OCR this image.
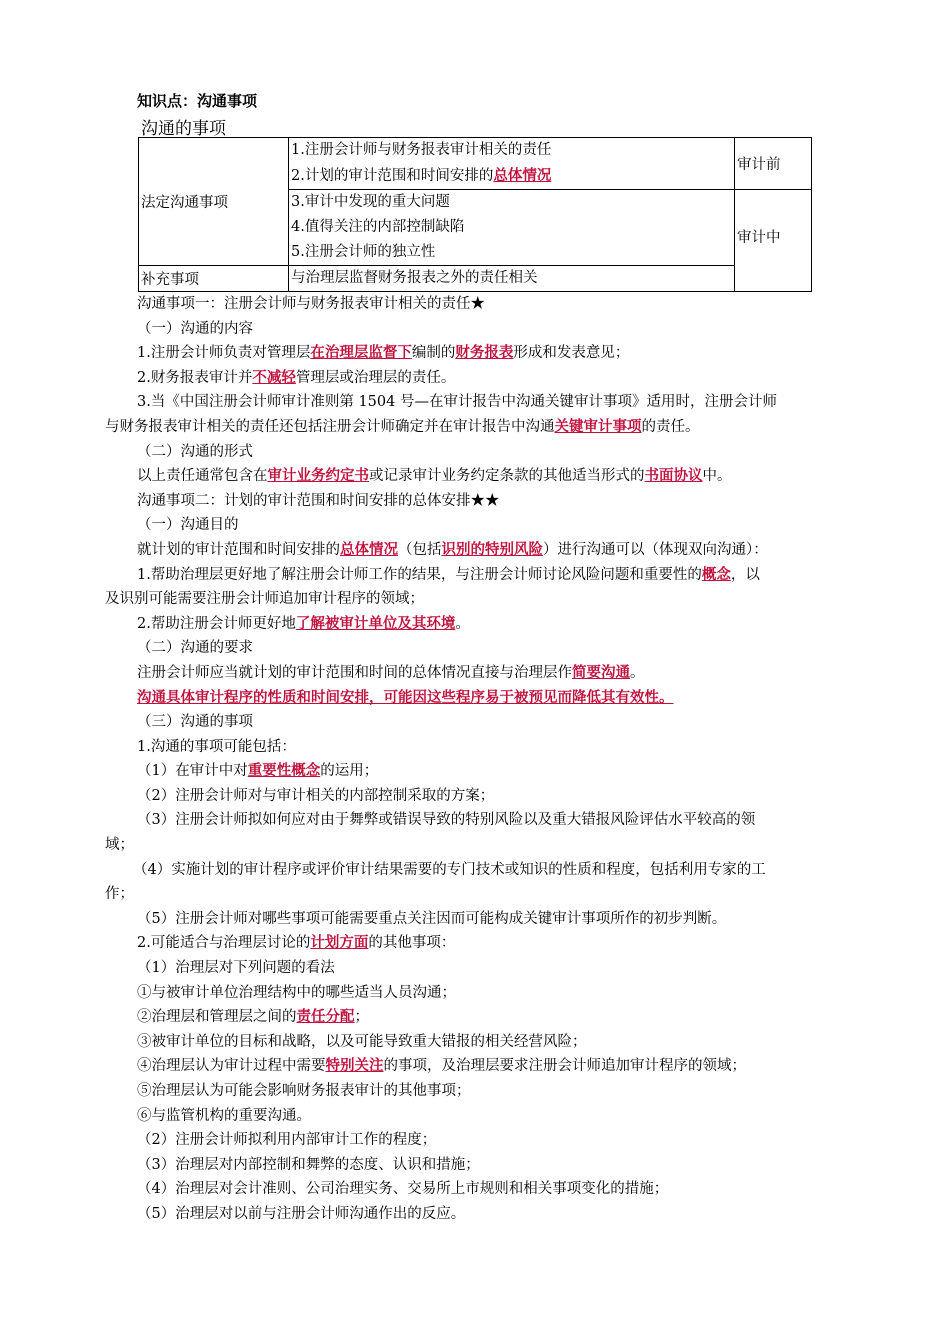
知识点：沟通事项
沟通的事项
法定沟通事项	1.注册会计师与财务报表审计相关的责任
2.计划的审计范围和时间安排的总体情况	审计前

	3.审计中发现的重大问题
4.值得关注的内部控制缺陷
5.注册会计师的独立性	审计中
补充事项	与治理层监督财务报表之外的责任相关	

沟通事项一：注册会计师与财务报表审计相关的责任★

（一）沟通的内容

1.注册会计师负责对管理层在治理层监督下编制的财务报表形成和发表意见；

2.财务报表审计并不减轻管理层或治理层的责任。

3.当《中国注册会计师审计准则第 1504 号—在审计报告中沟通关键审计事项》适用时，注册会计师

与财务报表审计相关的责任还包括注册会计师确定并在审计报告中沟通关键审计事项的责任。

（二）沟通的形式

以上责任通常包含在审计业务约定书或记录审计业务约定条款的其他适当形式的书面协议中。

沟通事项二：计划的审计范围和时间安排的总体安排★★

（一）沟通目的

就计划的审计范围和时间安排的总体情况（包括识别的特别风险）进行沟通可以（体现双向沟通）：

1.帮助治理层更好地了解注册会计师工作的结果，与注册会计师讨论风险问题和重要性的概念，以

及识别可能需要注册会计师追加审计程序的领域；

2.帮助注册会计师更好地了解被审计单位及其环境。

（二）沟通的要求

注册会计师应当就计划的审计范围和时间的总体情况直接与治理层作简要沟通。

沟通具体审计程序的性质和时间安排，可能因这些程序易于被预见而降低其有效性。

（三）沟通的事项

1.沟通的事项可能包括：

（1）在审计中对重要性概念的运用；

（2）注册会计师对与审计相关的内部控制采取的方案；

（3）注册会计师拟如何应对由于舞弊或错误导致的特别风险以及重大错报风险评估水平较高的领

域；

（4）实施计划的审计程序或评价审计结果需要的专门技术或知识的性质和程度，包括利用专家的工

作；

（5）注册会计师对哪些事项可能需要重点关注因而可能构成关键审计事项所作的初步判断。

2.可能适合与治理层讨论的计划方面的其他事项：

（1）治理层对下列问题的看法

①与被审计单位治理结构中的哪些适当人员沟通；

②治理层和管理层之间的责任分配；

③被审计单位的目标和战略，以及可能导致重大错报的相关经营风险；

④治理层认为审计过程中需要特别关注的事项，及治理层要求注册会计师追加审计程序的领域；

⑤治理层认为可能会影响财务报表审计的其他事项；

⑥与监管机构的重要沟通。

（2）注册会计师拟利用内部审计工作的程度；

（3）治理层对内部控制和舞弊的态度、认识和措施；

（4）治理层对会计准则、公司治理实务、交易所上市规则和相关事项变化的措施；

（5）治理层对以前与注册会计师沟通作出的反应。
